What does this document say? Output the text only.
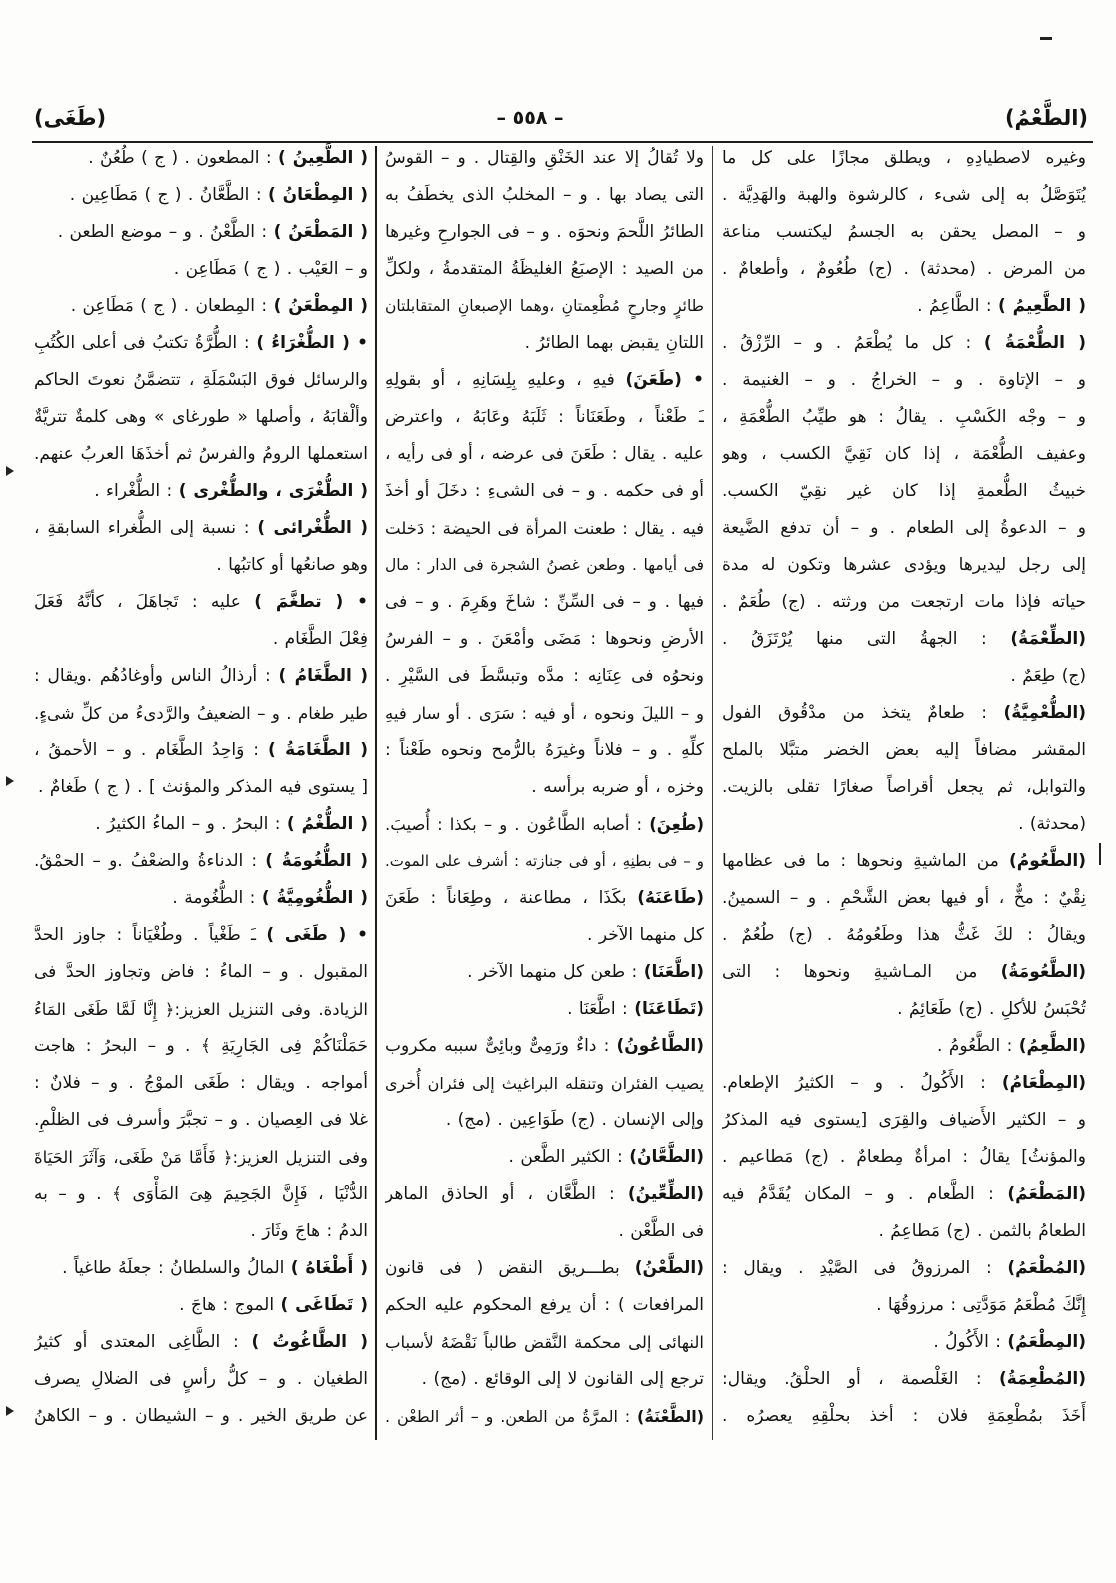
(الطَّعْمُ)
– ٥٥٨ –
(طَغَى)
وغيره لاصطيادِهِ ، ويطلق مجازًا على كل ما
يُتَوَصَّلُ به إلى شىء ، كالرشوة والهبة والهَدِيَّة .
و – المصل يحقن به الجسمُ ليكتسب مناعة
من المرض . (محدثة) . (ج) طُعُومٌ ، وأطعامٌ .
( الطَّعِيمُ ) : الطَّاعِمُ .
( الطُّعْمَةُ ) : كل ما يُطْعَمُ . و – الرِّزْقُ .
و – الإتاوة . و – الخراجُ . و – الغنيمة .
و – وجْه الكَسْبِ . يقالُ : هو طيِّبُ الطُّعْمَةِ ،
وعفيف الطُّعْمَة ، إذا كان نَقِيَّ الكسب ، وهو
خبيثُ الطُّعمةِ إذا كان غير نقِيّ الكسب.
و – الدعوةُ إلى الطعام . و – أن تدفع الضَّيعة
إلى رجل ليديرها ويؤدى عشرها وتكون له مدة
حياته فإذا مات ارتجعت من ورثته . (ج) طُعَمٌ .
(الطِّعْمَةُ) : الجهةُ التى منها يُرْتَزَقُ .
(ج) طِعَمٌ .
(الطُّعْمِيَّةُ) : طعامٌ يتخذ من مدْقُوق الفول
المقشر مضافاً إليه بعض الخضر متبَّلا بالملح
والتوابل، ثم يجعل أقراصاً صغارًا تقلى بالزيت.
(محدثة) .
(الطَّعُومُ) من الماشيةِ ونحوها : ما فى عظامها
نِقْيٌ : مخٌّ ، أو فيها بعض الشَّحْمِ . و – السمينُ.
ويقالُ : لكَ غَثُّ هذا وطَعُومُهُ . (ج) طُعُمٌ .
(الطَّعُومَةُ) من المـاشيةِ ونحوها : التى
تُحْبَسُ للأكلِ . (ج) طَعَائِمُ .
(الطَّعِمُ) : الطَّعُومُ .
(المِطْعَامُ) : الأَكُولُ . و – الكثيرُ الإطعام.
و – الكثير الأَضياف والقِرَى [يستوى فيه المذكرُ
والمؤنثُ] يقالُ : امرأةٌ مِطعامٌ . (ج) مَطاعيم .
(المَطْعَمُ) : الطَّعام . و – المكان يُقَدَّمُ فيه
الطعامُ بالثمن . (ج) مَطاعِمُ .
(المُطْعَمُ) : المرزوقُ فى الصَّيْدِ . ويقال :
إِنَّكَ مُطْعَمُ مَوَدَّتِى : مرزوقُهَا .
(المِطْعَمُ) : الأَكُولُ .
(المُطْعِمَةُ) : الغَلْصمة ، أو الحلْقُ. ويقال:
أَخَذَ بمُطْعِمَةِ فلان : أخذ بحلْقِهِ يعصرُه .
ولا تُقالُ إلا عند الخَنْقِ والقِتال . و – القوسُ
التى يصاد بها . و – المخلبُ الذى يخطَفُ به
الطائرُ اللَّحمَ ونحوَه . و – فى الجوارحِ وغيرها
من الصيد : الإصبَعُ الغليظَةُ المتقدمةُ ، ولكلِّ
طائرٍ وجارحٍ مُطْعِمتانِ ،وهما الإصبعانِ المتقابلتان
اللتانِ يقبض بهما الطائرُ .
• (طَعَنَ) فيهِ ، وعليهِ بِلِسَانِهِ ، أو بقولِهِ
ـَ طَعْناً ، وطَعَنَاناً : ثَلَبَهُ وعَابَهُ ، واعترض
عليه . يقال : طَعَنَ فى عرضه ، أو فى رأيه ،
أو فى حكمه . و – فى الشىءِ : دخَلَ أو أخذَ
فيه . يقال : طعنت المرأة فى الحيضة : دَخلت
فى أيامها . وطعن غصنُ الشجرة فى الدار : مال
فيها . و – فى السِّنِّ : شاخَ وهَرِمَ . و – فى
الأرضِ ونحوها : مَضَى وأمْعَنَ . و – الفرسُ
ونحوُه فى عِنَانِه : مدَّه وتبسَّطَ فى السَّيْرِ .
و – الليلَ ونحوه ، أو فيه : سَرَى . أو سار فيهِ
كلِّهِ . و – فلاناً وغيرَهُ بالرُّمح ونحوه طَعْناً :
وخزه ، أو ضربه برأسه .
(طُعِنَ) : أصابه الطَّاعُون . و – بكذا : أُصيبَ.
و – فى بطنِهِ ، أو فى جنازته : أشرف على الموت.
(طَاعَنَهُ) بكَذَا ، مطاعنة ، وطِعَاناً : طَعَنَ
كل منهما الآخر .
(اطَّعَنَا) : طعن كل منهما الآخر .
(تَطَاعَنَا) : اطَّعَنَا .
(الطَّاعُونُ) : داءٌ ورَمِىٌّ وبائِىٌّ سببه مكروب
يصيب الفئران وتنقله البراغيث إلى فئران أُخرى
وإلى الإنسان . (ج) طَوَاعِين . (مج) .
(الطَّعَّانُ) : الكثير الطَّعن .
(الطِّعِّينُ) : الطَّعَّان ، أو الحاذق الماهر
فى الطَّعْن .
(الطَّعْنُ) بطـــريق النقض ( فى قانون
المرافعات ) : أن يرفع المحكوم عليه الحكم
النهائى إلى محكمة النَّقض طالباً نَقْضَهُ لأسباب
ترجع إلى القانون لا إلى الوقائع . (مج) .
(الطَّعْنَةُ) : المرَّةُ من الطعن. و – أثر الطعْن .
( الطَّعِينُ ) : المطعون . ( ج ) طُعُنٌ .
( المِطْعَانُ ) : الطَّعَّانُ . ( ج ) مَطَاعِين .
( المَطْعَنُ ) : الطَّعْنُ . و – موضع الطعن .
و – العَيْب . ( ج ) مَطَاعِن .
( المِطْعَنُ ) : المِطعان . ( ج ) مَطَاعِن .
• ( الطُّغْرَاءُ ) : الطُّرَّةُ تكتبُ فى أعلى الكُتُبِ
والرسائل فوق البَسْمَلَةِ ، تتضمَّنُ نعوتَ الحاكم
وألْقابَهُ ، وأصلها « طورغاى » وهى كلمةٌ تتريَّةٌ
استعملها الرومُ والفرسُ ثم أخذَهَا العربُ عنهم.
( الطُّغْرَى ، والطُّغْرى ) : الطُّغْراء .
( الطُّغْرائى ) : نسبة إلى الطُّغراء السابقةِ ،
وهو صانعُها أو كاتبُها .
• ( تطغَّمَ ) عليه : تَجاهَلَ ، كأنَّهُ فَعَلَ
فِعْلَ الطَّغَام .
( الطَّغَامُ ) : أرذالُ الناس وأوغادُهُم .ويقال :
طير طغام . و – الضعيفُ والرَّدىءُ من كلِّ شىءٍ.
( الطَّغَامَةُ ) : وَاحِدُ الطَّغَام . و – الأحمقُ ،
[ يستوى فيه المذكر والمؤنث ] . ( ج ) طَغامٌ .
( الطُّغْمُ ) : البحرُ . و – الماءُ الكثيرُ .
( الطُّغُومَةُ ) : الدناءةُ والضعْفُ .و – الحمْقُ.
( الطُّغُومِيَّةُ ) : الطُّغُومة .
• ( طَغَى ) ـَ طَغْياً . وطُغْيَاناً : جاوز الحدَّ
المقبول . و – الماءُ : فاض وتجاوز الحدَّ فى
الزيادة. وفى التنزيل العزيز:﴿ إِنَّا لَمَّا طَغَى المَاءُ
حَمَلْنَاكُمْ فِى الجَارِيَةِ ﴾ . و – البحرُ : هاجت
أمواجه . ويقال : طَغَى الموْجُ . و – فلانٌ :
غلا فى العِصيان . و – تجبَّرَ وأسرف فى الظلْمِ.
وفى التنزيل العزيز:﴿ فَأَمَّا مَنْ طَغَى، وَآثَرَ الحَيَاةَ
الدُّنْيَا ، فَإِنَّ الجَحِيمَ هِىَ المَأْوَى ﴾ . و – به
الدمُ : هاجَ وثَارَ .
( أَطْغَاهُ ) المالُ والسلطانُ : جعلَهُ طاغياً .
( تَطَاغَى ) الموج : هاجَ .
( الطَّاغُوتُ ) : الطَّاغِى المعتدى أو كثيرُ
الطغيان . و – كلُّ رأسٍ فى الضلالِ يصرف
عن طريق الخير . و – الشيطان . و – الكاهنُ
